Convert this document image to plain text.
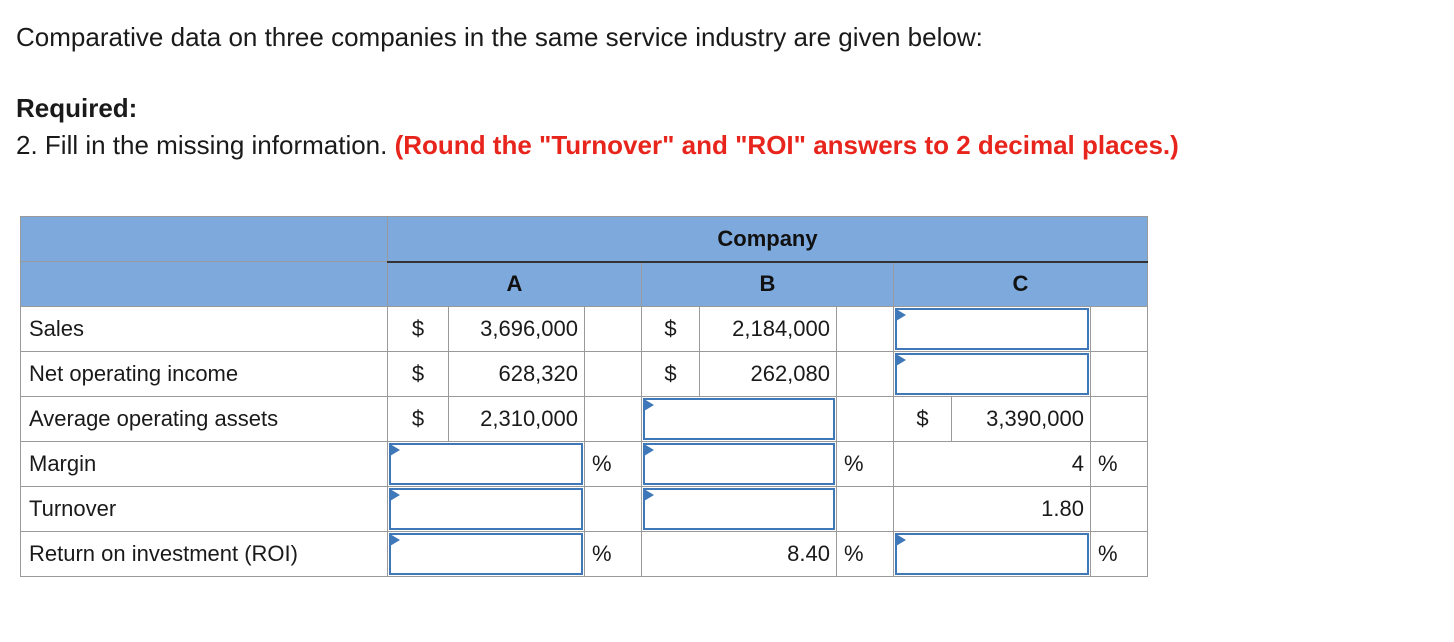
Comparative data on three companies in the same service industry are given below:

Required:

2. Fill in the missing information. (Round the "Turnover" and "ROI" answers to 2 decimal places.)

	Company								
	A			B			C		
Sales	$	3,696,000		$	2,184,000		

Net operating income	$	628,320		$	262,080		

Average operating assets	$	2,310,000					$	3,390,000	
Margin			%			%	4		%
Turnover							1.80		
Return on investment (ROI)			%	8.40		%			%
